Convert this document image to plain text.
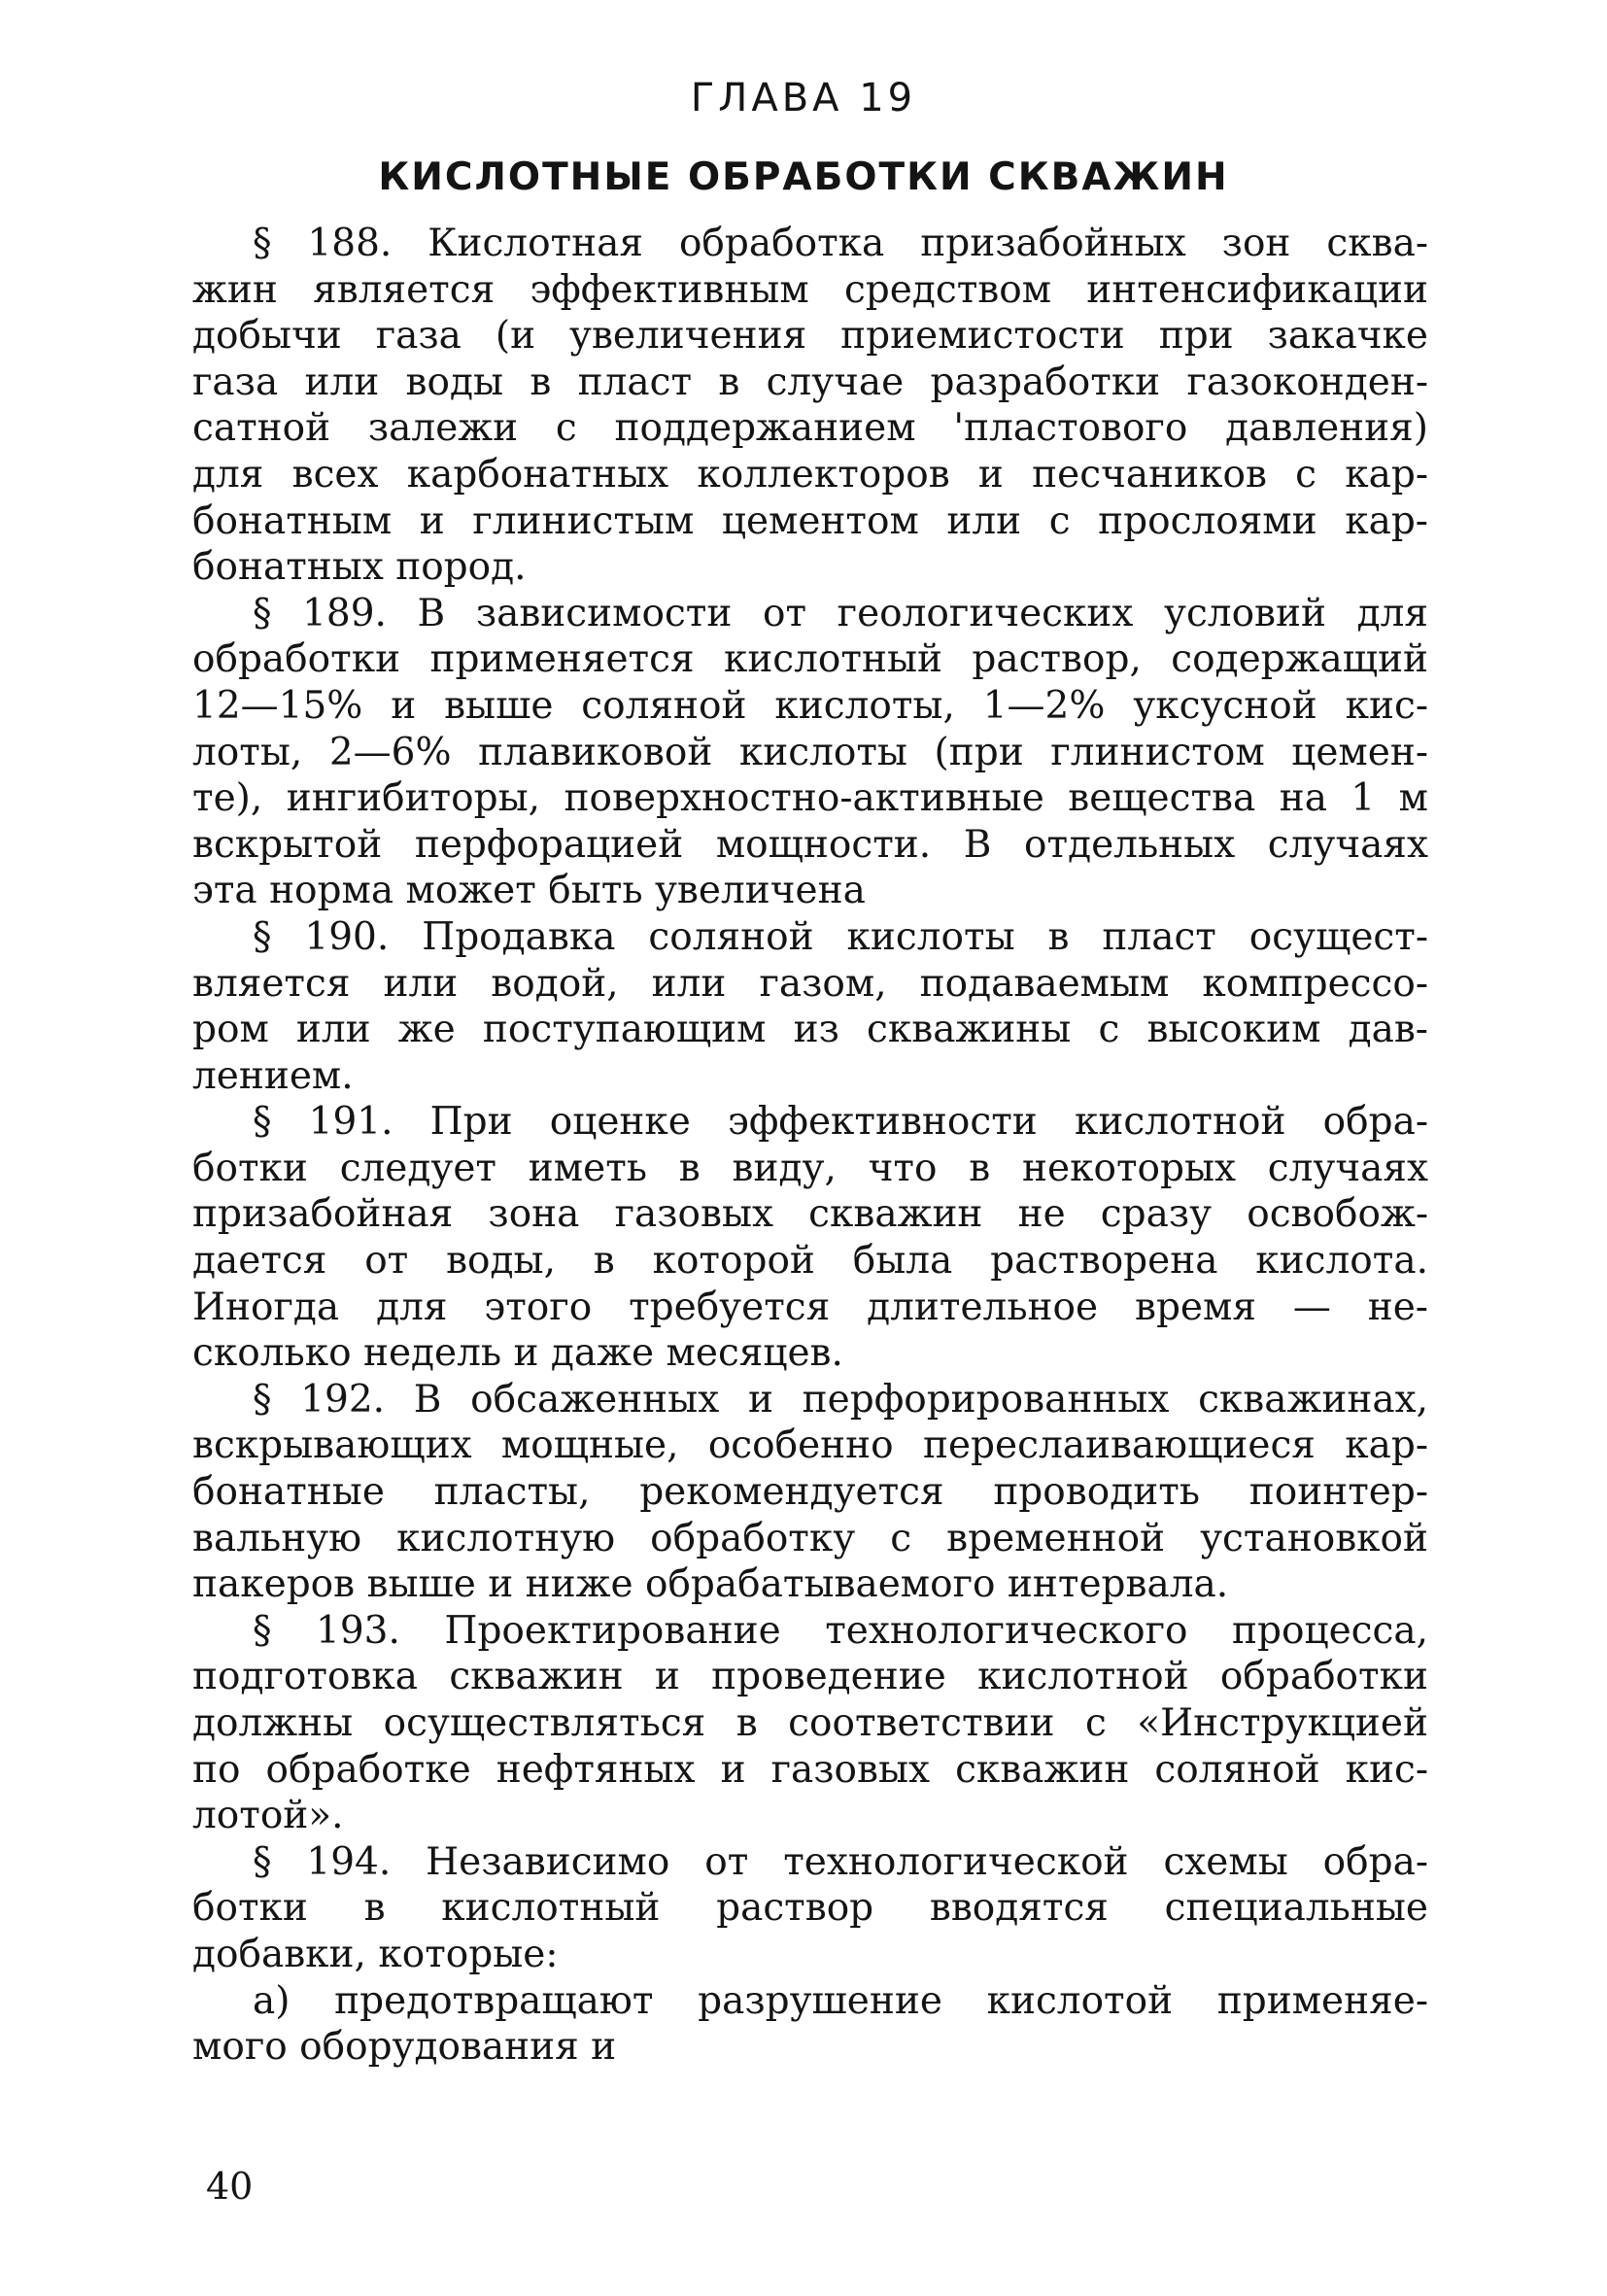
ГЛАВА 19
КИСЛОТНЫЕ ОБРАБОТКИ СКВАЖИН
§ 188. Кислотная обработка призабойных зон сква-
жин является эффективным средством интенсификации
добычи газа (и увеличения приемистости при закачке
газа или воды в пласт в случае разработки газоконден-
сатной залежи с поддержанием 'пластового давления)
для всех карбонатных коллекторов и песчаников с кар-
бонатным и глинистым цементом или с прослоями кар-
бонатных пород.
§ 189. В зависимости от геологических условий для
обработки применяется кислотный раствор, содержащий
12—15% и выше соляной кислоты, 1—2% уксусной кис-
лоты, 2—6% плавиковой кислоты (при глинистом цемен-
те), ингибиторы, поверхностно-активные вещества на 1 м
вскрытой перфорацией мощности. В отдельных случаях
эта норма может быть увеличена
§ 190. Продавка соляной кислоты в пласт осущест-
вляется или водой, или газом, подаваемым компрессо-
ром или же поступающим из скважины с высоким дав-
лением.
§ 191. При оценке эффективности кислотной обра-
ботки следует иметь в виду, что в некоторых случаях
призабойная зона газовых скважин не сразу освобож-
дается от воды, в которой была растворена кислота.
Иногда для этого требуется длительное время — не-
сколько недель и даже месяцев.
§ 192. В обсаженных и перфорированных скважинах,
вскрывающих мощные, особенно переслаивающиеся кар-
бонатные пласты, рекомендуется проводить поинтер-
вальную кислотную обработку с временной установкой
пакеров выше и ниже обрабатываемого интервала.
§ 193. Проектирование технологического процесса,
подготовка скважин и проведение кислотной обработки
должны осуществляться в соответствии с «Инструкцией
по обработке нефтяных и газовых скважин соляной кис-
лотой».
§ 194. Независимо от технологической схемы обра-
ботки в кислотный раствор вводятся специальные
добавки, которые:
а) предотвращают разрушение кислотой применяе-
мого оборудования и
40
